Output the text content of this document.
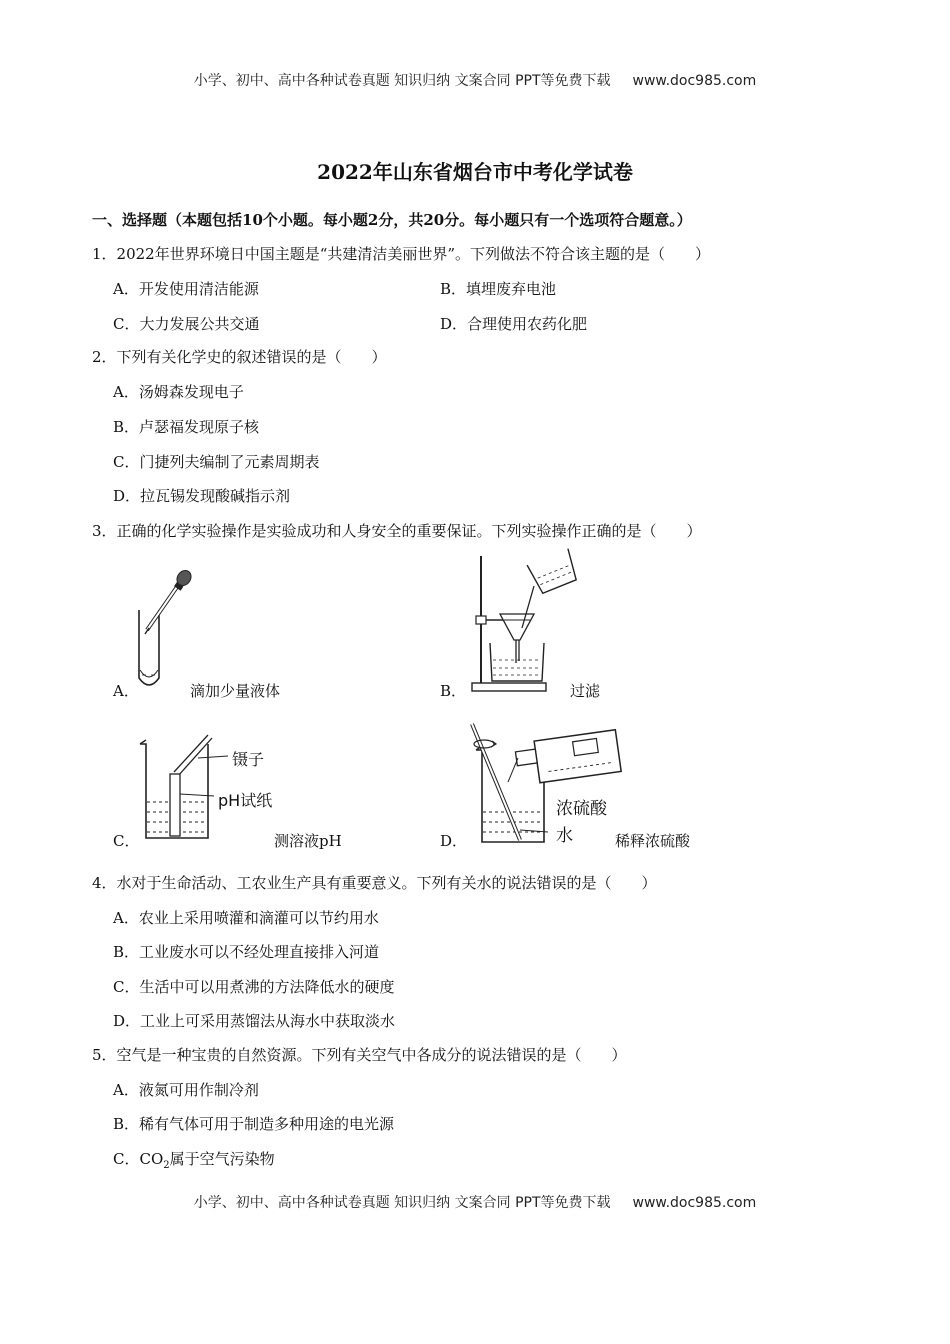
小学、初中、高中各种试卷真题 知识归纳 文案合同 PPT等免费下载 www.doc985.com
2022年山东省烟台市中考化学试卷
一、选择题（本题包括10个小题。每小题2分，共20分。每小题只有一个选项符合题意。）
1．2022年世界环境日中国主题是“共建清洁美丽世界”。下列做法不符合该主题的是（　　）
A．开发使用清洁能源	B．填埋废弃电池
C．大力发展公共交通	D．合理使用农药化肥
2．下列有关化学史的叙述错误的是（　　）
A．汤姆森发现电子
B．卢瑟福发现原子核
C．门捷列夫编制了元素周期表
D．拉瓦锡发现酸碱指示剂
3．正确的化学实验操作是实验成功和人身安全的重要保证。下列实验操作正确的是（　　）
A．	滴加少量液体	B．	过滤
镊子
pH试纸
C．	测溶液pH
浓硫酸
水
D．	稀释浓硫酸
4．水对于生命活动、工农业生产具有重要意义。下列有关水的说法错误的是（　　）
A．农业上采用喷灌和滴灌可以节约用水
B．工业废水可以不经处理直接排入河道
C．生活中可以用煮沸的方法降低水的硬度
D．工业上可采用蒸馏法从海水中获取淡水
5．空气是一种宝贵的自然资源。下列有关空气中各成分的说法错误的是（　　）
A．液氮可用作制冷剂
B．稀有气体可用于制造多种用途的电光源
C．$CO_2$属于空气污染物
小学、初中、高中各种试卷真题 知识归纳 文案合同 PPT等免费下载 www.doc985.com
